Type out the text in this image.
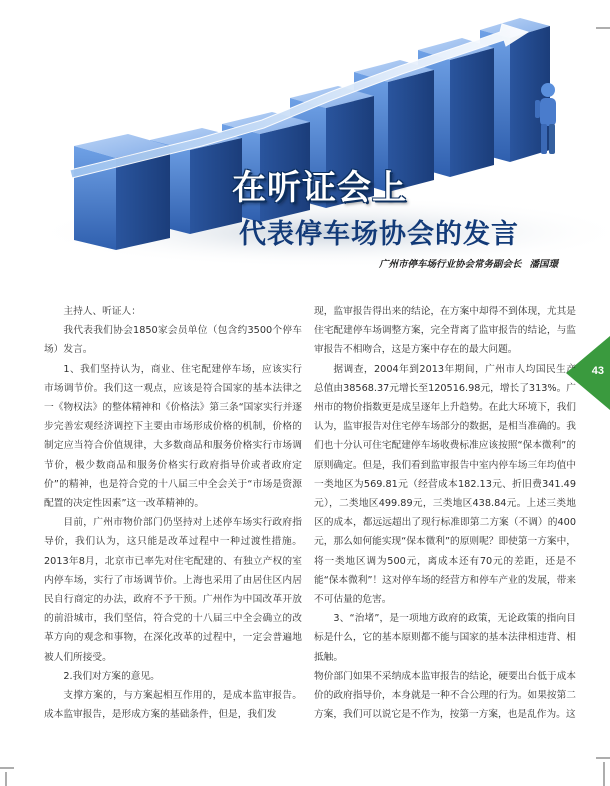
在听证会上
代表停车场协会的发言
广州市停车场行业协会常务副会长 潘国璟
43

主持人、听证人：

我代表我们协会1850家会员单位（包含约3500个停车场）发言。

1、我们坚持认为，商业、住宅配建停车场，应该实行市场调节价。我们这一观点，应该是符合国家的基本法律之一《物权法》的整体精神和《价格法》第三条“国家实行并逐步完善宏观经济调控下主要由市场形成价格的机制，价格的制定应当符合价值规律，大多数商品和服务价格实行市场调节价，极少数商品和服务价格实行政府指导价或者政府定价”的精神，也是符合党的十八届三中全会关于“市场是资源配置的决定性因素”这一改革精神的。

目前，广州市物价部门仍坚持对上述停车场实行政府指导价，我们认为，这只能是改革过程中一种过渡性措施。2013年8月，北京市已率先对住宅配建的、有独立产权的室内停车场，实行了市场调节价。上海也采用了由居住区内居民自行商定的办法，政府不予干预。广州作为中国改革开放的前沿城市，我们坚信，符合党的十八届三中全会确立的改革方向的观念和事物，在深化改革的过程中，一定会普遍地被人们所接受。

2.我们对方案的意见。

支撑方案的，与方案起相互作用的，是成本监审报告。成本监审报告，是形成方案的基础条件，但是，我们发

现，监审报告得出来的结论，在方案中却得不到体现，尤其是住宅配建停车场调整方案，完全背离了监审报告的结论，与监审报告不相吻合，这是方案中存在的最大问题。

据调查，2004年到2013年期间，广州市人均国民生产总值由38568.37元增长至120516.98元，增长了313%。广州市的物价指数更是成呈逐年上升趋势。在此大环境下，我们认为，监审报告对住宅停车场部分的数据，是相当准确的。我们也十分认可住宅配建停车场收费标准应该按照“保本微利”的原则确定。但是，我们看到监审报告中室内停车场三年均值中一类地区为569.81元（经营成本182.13元、折旧费341.49元），二类地区499.89元，三类地区438.84元。上述三类地区的成本，都远远超出了现行标准即第二方案（不调）的400元，那么如何能实现“保本微利”的原则呢？即使第一方案中，将一类地区调为500元，离成本还有70元的差距，还是不能“保本微利”！这对停车场的经营方和停车产业的发展，带来不可估量的危害。

3、“治堵”，是一项地方政府的政策，无论政策的指向目标是什么，它的基本原则都不能与国家的基本法律相违背、相抵触。

物价部门如果不采纳成本监审报告的结论，硬要出台低于成本价的政府指导价，本身就是一种不合公理的行为。如果按第二方案，我们可以说它是不作为，按第一方案，也是乱作为。这
